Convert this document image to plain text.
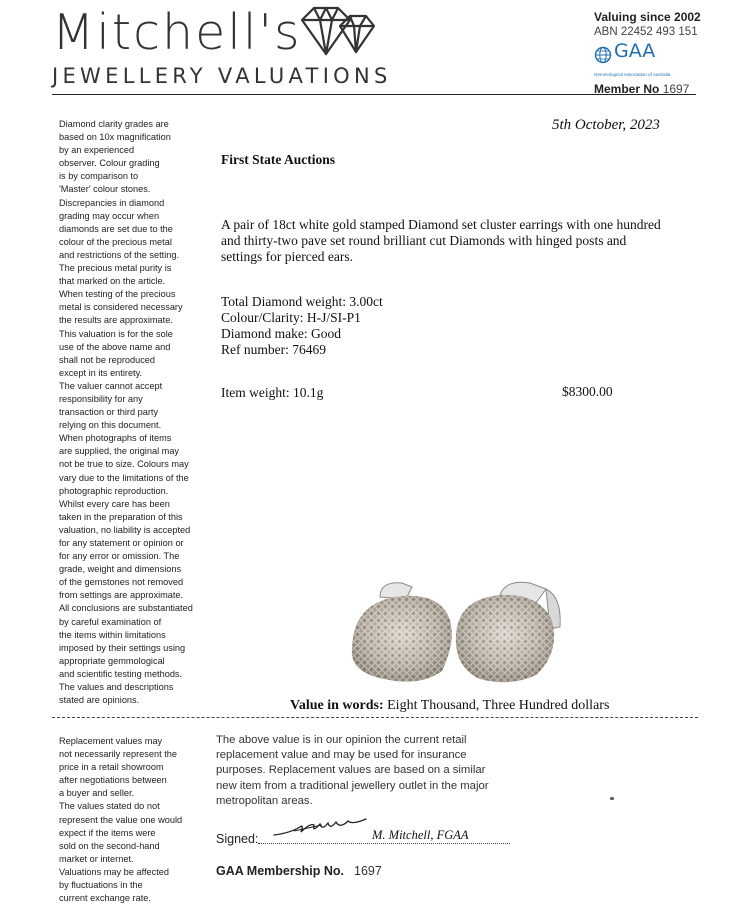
Mitchell's
JEWELLERY VALUATIONS
Valuing since 2002
ABN 22452 493 151
GAA
Gemmological Association of Australia
Member No 1697
Diamond clarity grades are
based on 10x magnification
by an experienced
observer. Colour grading
is by comparison to
'Master' colour stones.
Discrepancies in diamond
grading may occur when
diamonds are set due to the
colour of the precious metal
and restrictions of the setting.
The precious metal purity is
that marked on the article.
When testing of the precious
metal is considered necessary
the results are approximate.
This valuation is for the sole
use of the above name and
shall not be reproduced
except in its entirety.
The valuer cannot accept
responsibility for any
transaction or third party
relying on this document.
When photographs of items
are supplied, the original may
not be true to size. Colours may
vary due to the limitations of the
photographic reproduction.
Whilst every care has been
taken in the preparation of this
valuation, no liability is accepted
for any statement or opinion or
for any error or omission. The
grade, weight and dimensions
of the gemstones not removed
from settings are approximate.
All conclusions are substantiated
by careful examination of
the items within limitations
imposed by their settings using
appropriate gemmological
and scientific testing methods.
The values and descriptions
stated are opinions.
Replacement values may
not necessarily represent the
price in a retail showroom
after negotiations between
a buyer and seller.
The values stated do not
represent the value one would
expect if the items were
sold on the second-hand
market or internet.
Valuations may be affected
by fluctuations in the
current exchange rate.
5th October, 2023
First State Auctions
A pair of 18ct white gold stamped Diamond set cluster earrings with one hundred and thirty-two pave set round brilliant cut Diamonds with hinged posts and settings for pierced ears.
Total Diamond weight: 3.00ct
Colour/Clarity: H-J/SI-P1
Diamond make: Good
Ref number: 76469
Item weight: 10.1g	$8300.00
Value in words: Eight Thousand, Three Hundred dollars
The above value is in our opinion the current retail replacement value and may be used for insurance purposes. Replacement values are based on a similar new item from a traditional jewellery outlet in the major metropolitan areas.
Signed:	M. Mitchell, FGAA
GAA Membership No. 1697
